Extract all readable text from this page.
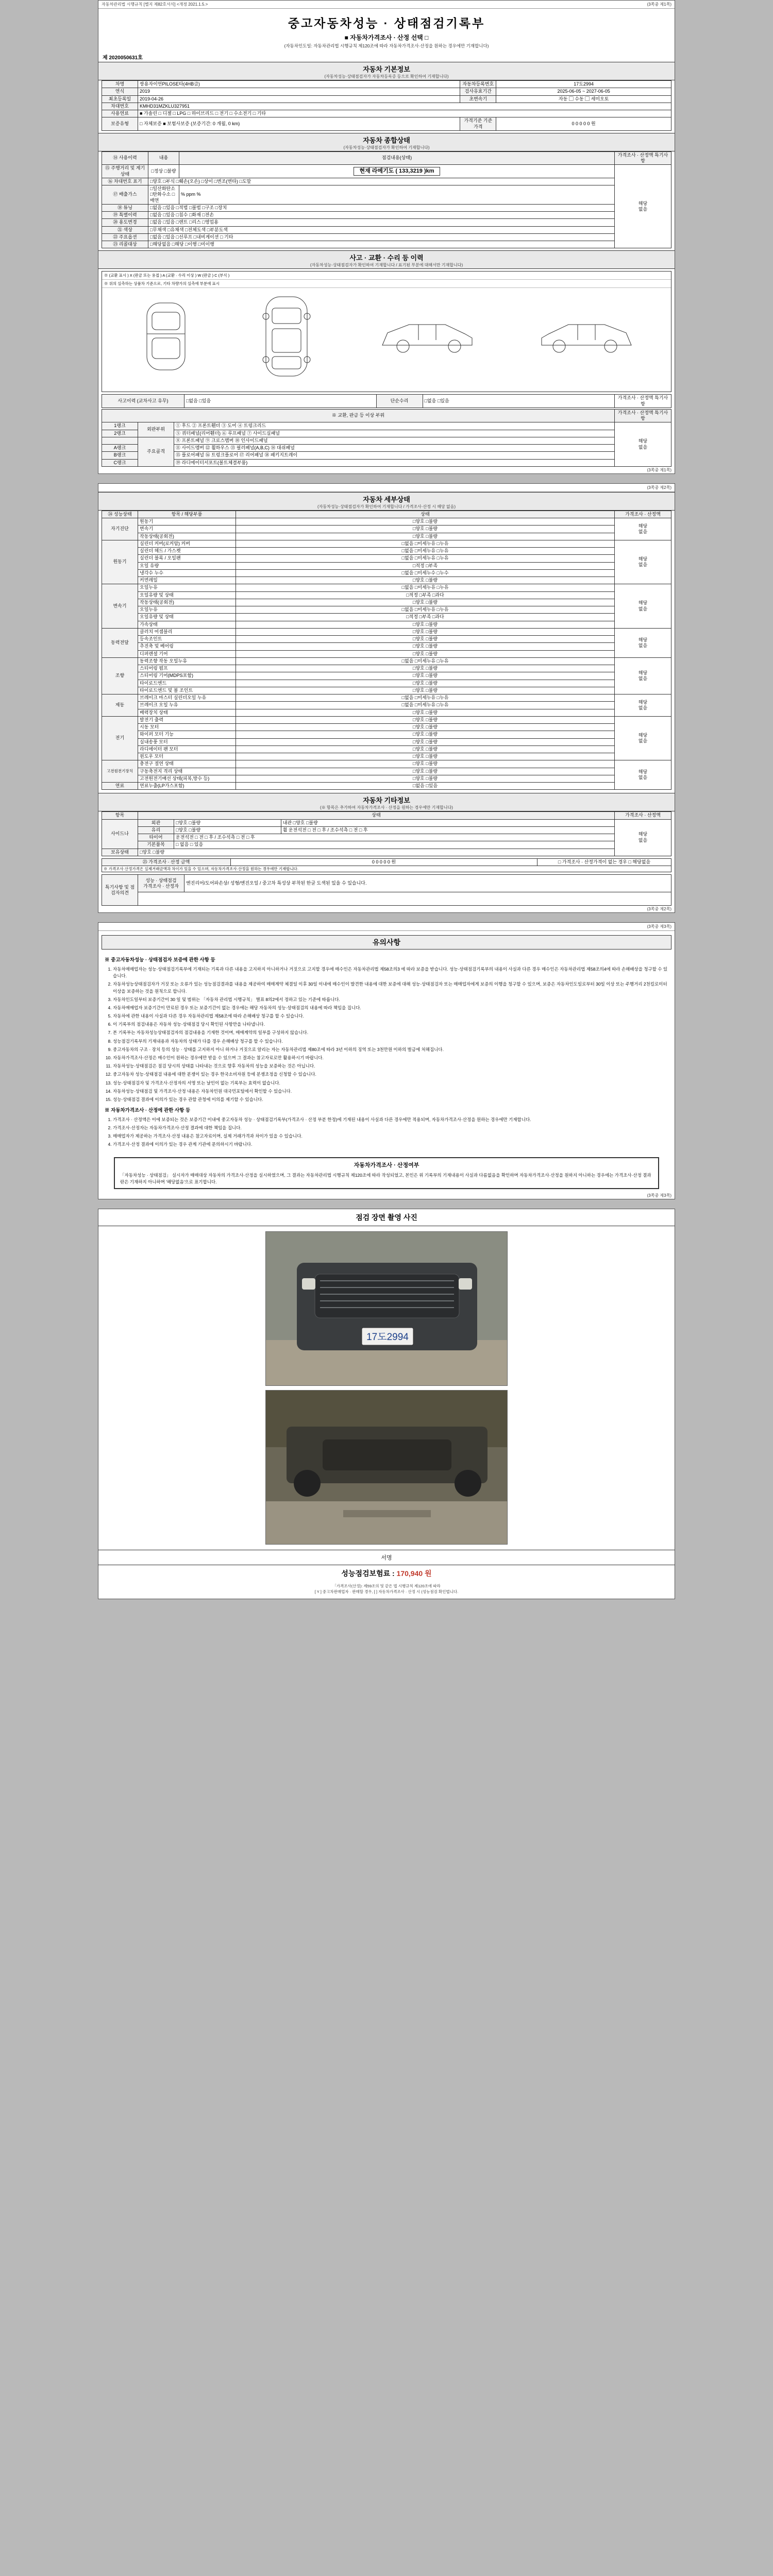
자동차관리법 시행규칙 [별지 제82호서식] <개정 2021.1.5.>	(3쪽중 제1쪽)
중고자동차성능 · 상태점검기록부
■ 자동차가격조사 · 산정 선택 □
(자동차인도일: 자동차관리법 시행규칙 제120조에 따라 자동차가격조사·산정을 원하는 경우에만 기재합니다)
제 2020050631호
자동차 기본정보
(자동차성능·상태점검자가 자동차등록증 등으로 확인하여 기재합니다)
차명	쌍용자이언PILOSE타(4HB급)	자동차등록번호	17도2994
연식	2019	검사유효기간	2025-06-05 ~ 2027-06-05
최초등록일	2019-04-26	초변속기	자동 ▢ 수동 ▢ 세미오토
차대번호	KMHD31MZKLU327951		
사용연료	■ 가솔린 □ 디젤 □ LPG □ 하이브리드 □ 전기 □ 수소전기 □ 기타		
보증유형	□ 자체보증 ■ 보험사보증 (보증기간: 0 개월, 0 km)	가격기준 기준가격	0 0 0 0 0 원
자동차 종합상태
(자동차성능·상태점검자가 확인하여 기재합니다)
⑭ 사용이력	내용	점검내용(상태)	가격조사 · 산정액 특기사항
⑮ 주행거리 및 계기상태	□정상 □불량	현재 라메기도 ( 133,3219 )km	해당
없음
⑯ 차대번호 표기	□양호 □부식 □훼손(오손) □상이 □변조(변타) □도말		
⑰ 배출가스	□일산화탄소 □탄화수소 □매연	% ppm %	
⑱ 튜닝	□없음 □있음 □적법 □불법 □구조 □장치		
⑲ 특별이력	□없음 □있음 □침수 □화재 □전손		
⑳ 용도변경	□없음 □있음 □렌트 □리스 □영업용		
㉑ 색상	□무채색 □유채색 □전체도색 □부분도색		
㉒ 주요옵션	□없음 □있음 □선루프 □내비게이션 □ 기타		
㉓ 리콜대상	□해당없음 □해당 □이행 □미이행		
사고 · 교환 · 수리 등 이력
(자동차성능·상태점검자가 확인하여 기재합니다 / 표기된 부분에 대해서만 기재합니다)
※ (교환 표시 ) X (판금 또는 용접 ) A (교환 · 수리 이상 ) W (판금 ) C (부식 )
※ 위의 실측하는 상품차 기준으로, 기타 차량가의 실측에 부분에 표시
사고이력 (교차사고 유무)	□없음 □있음	단순수리	□없음 □있음	가격조사 · 산정액 특기사항
※ 교환, 판금 등 이상 부위			가격조사 · 산정액 특기사항
1랭크	외판부위	① 후드 ② 프론트휀더 ③ 도어 ④ 트렁크리드	해당
없음
2랭크		⑤ 쿼터패널(리어휀더) ⑥ 루프패널 ⑦ 사이드실패널	
	주요골격	⑧ 프론트패널 ⑨ 크로스멤버 ⑩ 인사이드패널	
A랭크		⑪ 사이드멤버 ⑫ 휠하우스 ⑬ 필러패널(A,B,C) ⑭ 대쉬패널	
B랭크		⑮ 플로어패널 ⑯ 트렁크플로어 ⑰ 리어패널 ⑱ 패키지트레이	
C랭크		⑲ 라디에이터서포트(볼트체결부품)	
(3쪽중 제1쪽)
(3쪽중 제2쪽)
자동차 세부상태
(자동차성능·상태점검자가 확인하여 기재합니다 / 가격조사·산정 시 해당 없음)
㉔ 성능상태	항목 / 해당부품	상태	가격조사 · 산정액
자기진단	원동기	□양호 □불량	해당
없음
	변속기	□양호 □불량	
	작동상태(공회전)	□양호 □불량	
원동기	실린더 커버(로커암) 커버	□없음 □미세누유 □누유	해당
없음
	실린더 헤드 / 가스켓	□없음 □미세누유 □누유	
	실린더 블록 / 오일팬	□없음 □미세누유 □누유	
	오일 유량	□적정 □부족	
	냉각수 누수	□없음 □미세누수 □누수	
	커먼레일	□양호 □불량	
변속기	오일누유	□없음 □미세누유 □누유	해당
없음
	오일유량 및 상태	□적정 □부족 □과다	
	작동상태(공회전)	□양호 □불량	
	오일누유	□없음 □미세누유 □누유	
	오일유량 및 상태	□적정 □부족 □과다	
	가속상태	□양호 □불량	
동력전달	클러치 어셈블리	□양호 □불량	해당
없음
	등속조인트	□양호 □불량	
	추진축 및 베어링	□양호 □불량	
	디퍼렌셜 기어	□양호 □불량	
조향	동력조향 작동 오일누유	□없음 □미세누유 □누유	해당
없음
	스티어링 펌프	□양호 □불량	
	스티어링 기어(MDPS포함)	□양호 □불량	
	타이로드엔드	□양호 □불량	
	타이로드엔드 및 볼 조인트	□양호 □불량	
제동	브레이크 마스터 실린더오일 누유	□없음 □미세누유 □누유	해당
없음
	브레이크 오일 누유	□없음 □미세누유 □누유	
	배력장치 상태	□양호 □불량	
전기	발전기 출력	□양호 □불량	해당
없음
	시동 모터	□양호 □불량	
	와이퍼 모터 기능	□양호 □불량	
	실내송풍 모터	□양호 □불량	
	라디에이터 팬 모터	□양호 □불량	
	윈도우 모터	□양호 □불량	
고전원전기장치	충전구 절연 상태	□양호 □불량	해당
없음
	구동축전지 격리 상태	□양호 □불량	
	고전원전기배선 상태(피복,방수 등)	□양호 □불량	
연료	연료누출(LP가스포함)	□없음 □있음	
자동차 기타정보
(※ 항목은 추가하여 자동차가격조사 · 산정을 원하는 경우에만 기재합니다)
항목	상태			가격조사 · 산정액
사이드나	외관	□양호 □불량	내관 □양호 □불량	해당
없음
	유리	□양호 □불량	휠 운전석전 □ 전 □ 후 / 조수석측 □ 전 □ 후	
	타이어	운전석전 □ 전 □ 후 / 조수석측 □ 전 □ 후		
	기본품목	□ 없음 □ 있음		
보유상태	□양호 □불량			
㉕ 가격조사 · 산정 금액	0 0 0 0 0 원	□ 가격조사 · 산정가격이 없는 경우 □ 해당없음
※ 가격조사·산정가격은 실제거래금액과 차이가 있을 수 있으며, 자동차가격조사·산정을 원하는 경우에만 기재합니다.
특기사항 및 점검자의견	성능 · 상태점검
가격조사 · 산정자	엔진리어/도어파손상/ 성형/엔진오일 / 중고차 특성상 부착된 한글 도색된 있을 수 있습니다.

(3쪽중 제2쪽)
(3쪽중 제3쪽)
유의사항
※ 중고자동차성능 · 상태점검자 보증에 관한 사항 등
1. 자동차매매업자는 성능·상태점검기록부에 기재되는 기록과 다른 내용을 고지하지 아니하거나 거짓으로 고지할 경우에 매수인은 자동차관리법 제58조의3 에 따라 보증을 받습니다. 성능·상태점검기록부의 내용이 사실과 다른 경우 매수인은 자동차관리법 제58조의4에 따라 손해배상을 청구할 수 있습니다.
2. 자동차성능상태점검자가 거짓 또는 오류가 있는 성능점검결과를 내용을 제공하여 매매계약 체결일 이후 30일 이내에 매수인이 발견한 내용에 대한 보증에 대해 성능·상태점검자 또는 매매업자에게 보증의 이행을 청구할 수 있으며, 보증은 자동차인도일로부터 30일 이상 또는 주행거리 2천킬로미터 이상을 보증하는 것을 원칙으로 합니다.
3. 자동차인도일부터 보증기간이 30 일 및 범위는 「자동차 관리법 시행규칙」 별표 8의2에서 정하고 있는 기준에 따릅니다.
4. 자동차매매업자 보증기간이 만료된 경우 또는 보증기간이 없는 경우에는 해당 자동차의 성능·상태점검의 내용에 따라 책임을 집니다.
5. 자동차에 관한 내용이 사실과 다른 경우 자동차관리법 제58조에 따라 손해배상 청구를 할 수 있습니다.
6. 이 기록부의 점검내용은 자동차 성능·상태점검 당시 확인된 사항만을 나타냅니다.
7. 본 기록부는 자동차성능상태점검자의 점검내용을 기재한 것이며, 매매계약의 일부를 구성하지 않습니다.
8. 성능점검기록부의 기재내용과 자동차의 상태가 다를 경우 손해배상 청구를 할 수 있습니다.
9. 중고자동차의 구조 · 장치 등의 성능 · 상태를 고지하지 아니 하거나 거짓으로 알리는 자는 자동차관리법 제80조에 따라 3년 이하의 징역 또는 3천만원 이하의 벌금에 처해집니다.
10. 자동차가격조사·산정은 매수인이 원하는 경우에만 받을 수 있으며 그 결과는 참고자료로만 활용하시기 바랍니다.
11. 자동차성능·상태점검은 점검 당시의 상태를 나타내는 것으로 향후 자동차의 성능을 보증하는 것은 아닙니다.
12. 중고자동차 성능·상태점검 내용에 대한 분쟁이 있는 경우 한국소비자원 등에 분쟁조정을 신청할 수 있습니다.
13. 성능·상태점검자 및 가격조사·산정자의 서명 또는 날인이 없는 기록부는 효력이 없습니다.
14. 자동차성능·상태점검 및 가격조사·산정 내용은 자동차민원 대국민포털에서 확인할 수 있습니다.
15. 성능·상태점검 결과에 이의가 있는 경우 관할 관청에 이의를 제기할 수 있습니다.
※ 자동차가격조사 · 산정에 관한 사항 등
1. 가격조사 · 산정액은 이에 보증되는 것은 보증기간 이내에 중고자동차 성능 · 상태점검기록부(가격조사 · 산정 부분 한정)에 기재된 내용이 사실과 다른 경우에만 적용되며, 자동차가격조사·산정을 원하는 경우에만 기재합니다.
2. 가격조사·산정자는 자동차가격조사·산정 결과에 대한 책임을 집니다.
3. 매매업자가 제공하는 가격조사·산정 내용은 참고자료이며, 실제 거래가격과 차이가 있을 수 있습니다.
4. 가격조사·산정 결과에 이의가 있는 경우 관계 기관에 문의하시기 바랍니다.
자동차가격조사 · 산정여부
「자동차성능 · 상태점검」 실시자가 매매대상 자동차의 가격조사·산정을 실시하였으며, 그 결과는 자동차관리법 시행규칙 제120조에 따라 작성되었고, 본인은 위 기록부의 기재내용이 사실과 다름없음을 확인하며 자동차가격조사·산정을 원하지 아니하는 경우에는 가격조사·산정 결과란은 기재하지 아니하며 '해당없음'으로 표기합니다.
(3쪽중 제3쪽)
점검 장면 촬영 사진
17도2994
서명
성능점검보험료 : 170,940 원
「가격조사(산정): 제59조의 및 같은 법 시행규칙 제120조에 따라
[ Y ] 중고차판매업자 · 판매할 경우, [ ] 자동차가격조사 · 산정 시 (성능점검 확인법니다.
